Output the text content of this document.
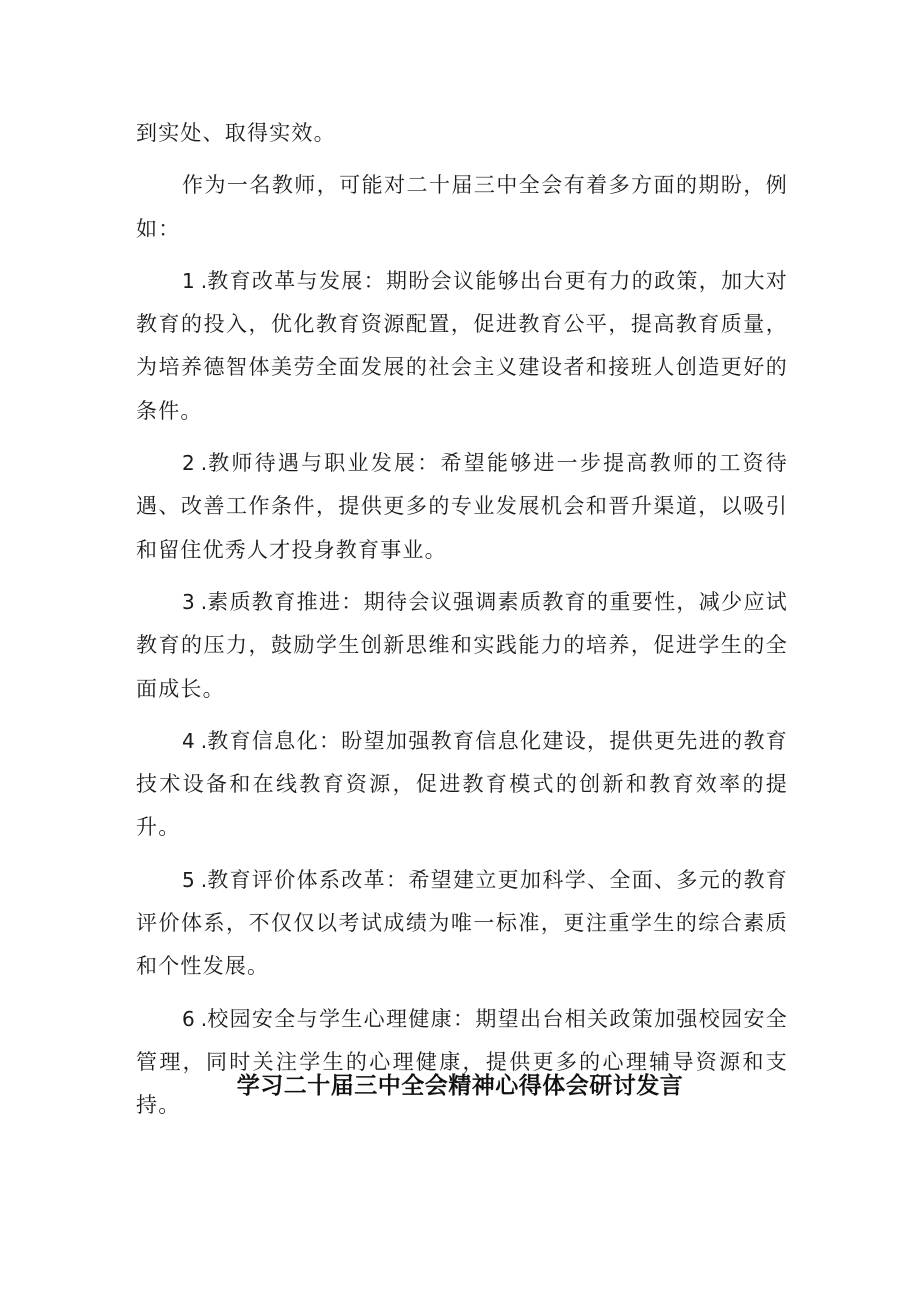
到实处、取得实效。

作为一名教师，可能对二十届三中全会有着多方面的期盼，例如：

1 .教育改革与发展：期盼会议能够出台更有力的政策，加大对教育的投入，优化教育资源配置，促进教育公平，提高教育质量，为培养德智体美劳全面发展的社会主义建设者和接班人创造更好的条件。

2 .教师待遇与职业发展：希望能够进一步提高教师的工资待遇、改善工作条件，提供更多的专业发展机会和晋升渠道，以吸引和留住优秀人才投身教育事业。

3 .素质教育推进：期待会议强调素质教育的重要性，减少应试教育的压力，鼓励学生创新思维和实践能力的培养，促进学生的全面成长。

4 .教育信息化：盼望加强教育信息化建设，提供更先进的教育技术设备和在线教育资源，促进教育模式的创新和教育效率的提升。

5 .教育评价体系改革：希望建立更加科学、全面、多元的教育评价体系，不仅仅以考试成绩为唯一标准，更注重学生的综合素质和个性发展。

6 .校园安全与学生心理健康：期望出台相关政策加强校园安全管理，同时关注学生的心理健康，提供更多的心理辅导资源和支持。

学习二十届三中全会精神心得体会研讨发言
